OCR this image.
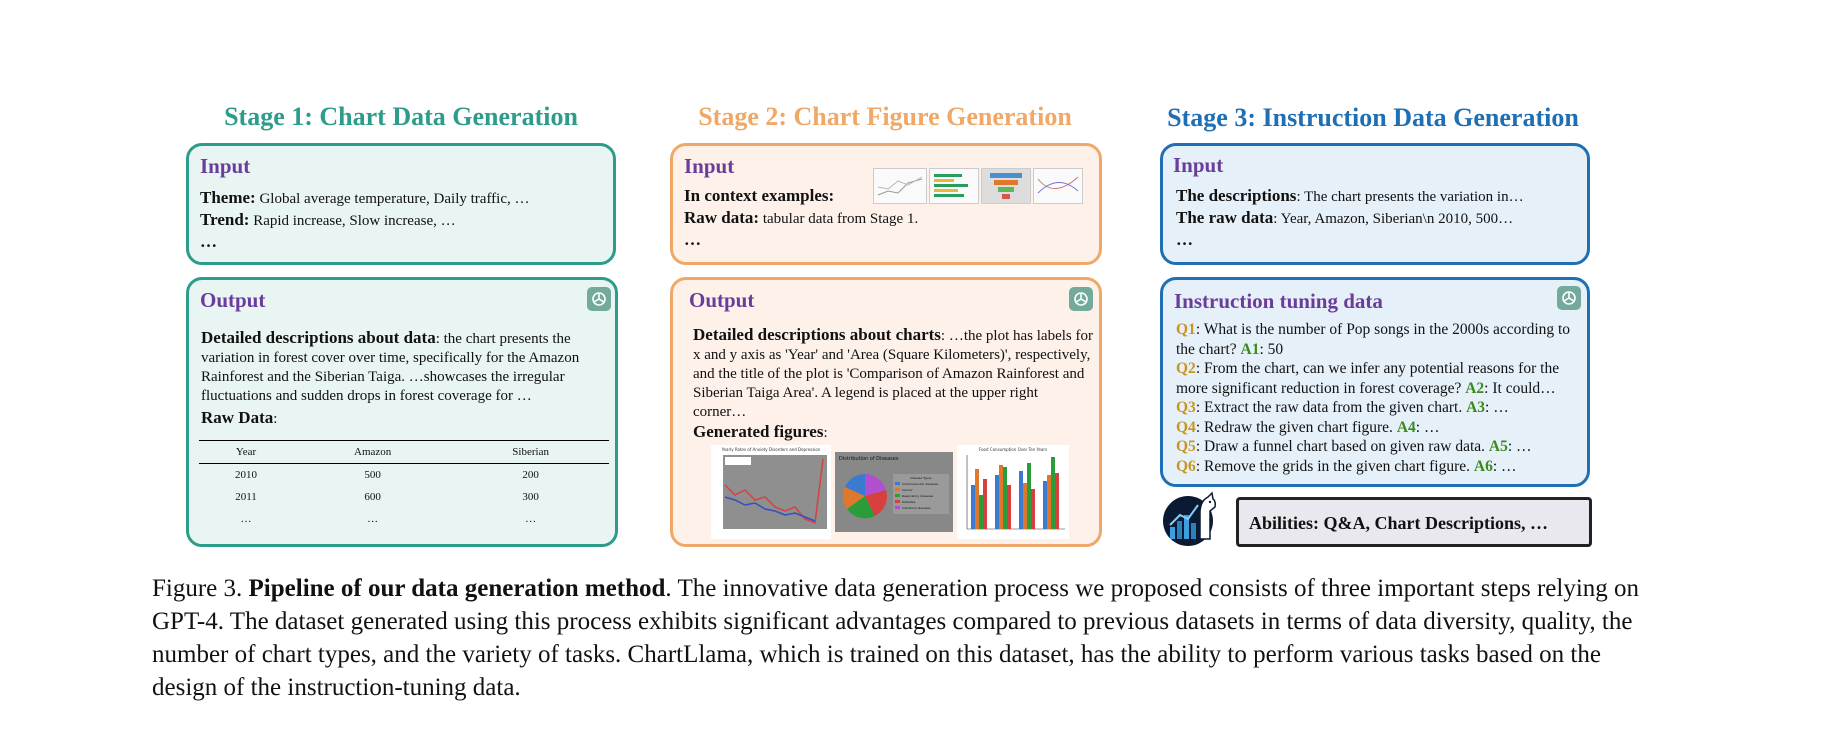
Stage 1: Chart Data Generation
Input
Theme: Global average temperature, Daily traffic, …
Trend: Rapid increase, Slow increase, …
…
Output
Detailed descriptions about data: the chart presents the variation in forest cover over time, specifically for the Amazon Rainforest and the Siberian Taiga. …showcases the irregular fluctuations and sudden drops in forest coverage for …
Raw Data:
Year	Amazon	Siberian
2010	500	200
2011	600	300
…	…	…
Stage 2: Chart Figure Generation
Input
In context examples:
Raw data: tabular data from Stage 1.
…
Output
Detailed descriptions about charts: …the plot has labels for x and y axis as 'Year' and 'Area (Square Kilometers)', respectively, and the title of the plot is 'Comparison of Amazon Rainforest and Siberian Taiga Area'. A legend is placed at the upper right corner…
Generated figures:
Yearly Rates of Anxiety Disorders and Depression
Distribution of Diseases
Disease Types
Cardiovascular diseases
Cancer
Respiratory diseases
Diabetes
Infectious diseases
Food Consumption Over Ten Years
Stage 3: Instruction Data Generation
Input
The descriptions: The chart presents the variation in…
The raw data: Year, Amazon, Siberian\n 2010, 500…
…
Instruction tuning data
Q1: What is the number of Pop songs in the 2000s according to the chart? A1: 50
Q2: From the chart, can we infer any potential reasons for the more significant reduction in forest coverage? A2: It could…
Q3: Extract the raw data from the given chart. A3: …
Q4: Redraw the given chart figure. A4: …
Q5: Draw a funnel chart based on given raw data. A5: …
Q6: Remove the grids in the given chart figure. A6: …
Abilities: Q&A, Chart Descriptions, …
Figure 3. Pipeline of our data generation method. The innovative data generation process we proposed consists of three important steps relying on GPT-4. The dataset generated using this process exhibits significant advantages compared to previous datasets in terms of data diversity, quality, the number of chart types, and the variety of tasks. ChartLlama, which is trained on this dataset, has the ability to perform various tasks based on the design of the instruction-tuning data.
